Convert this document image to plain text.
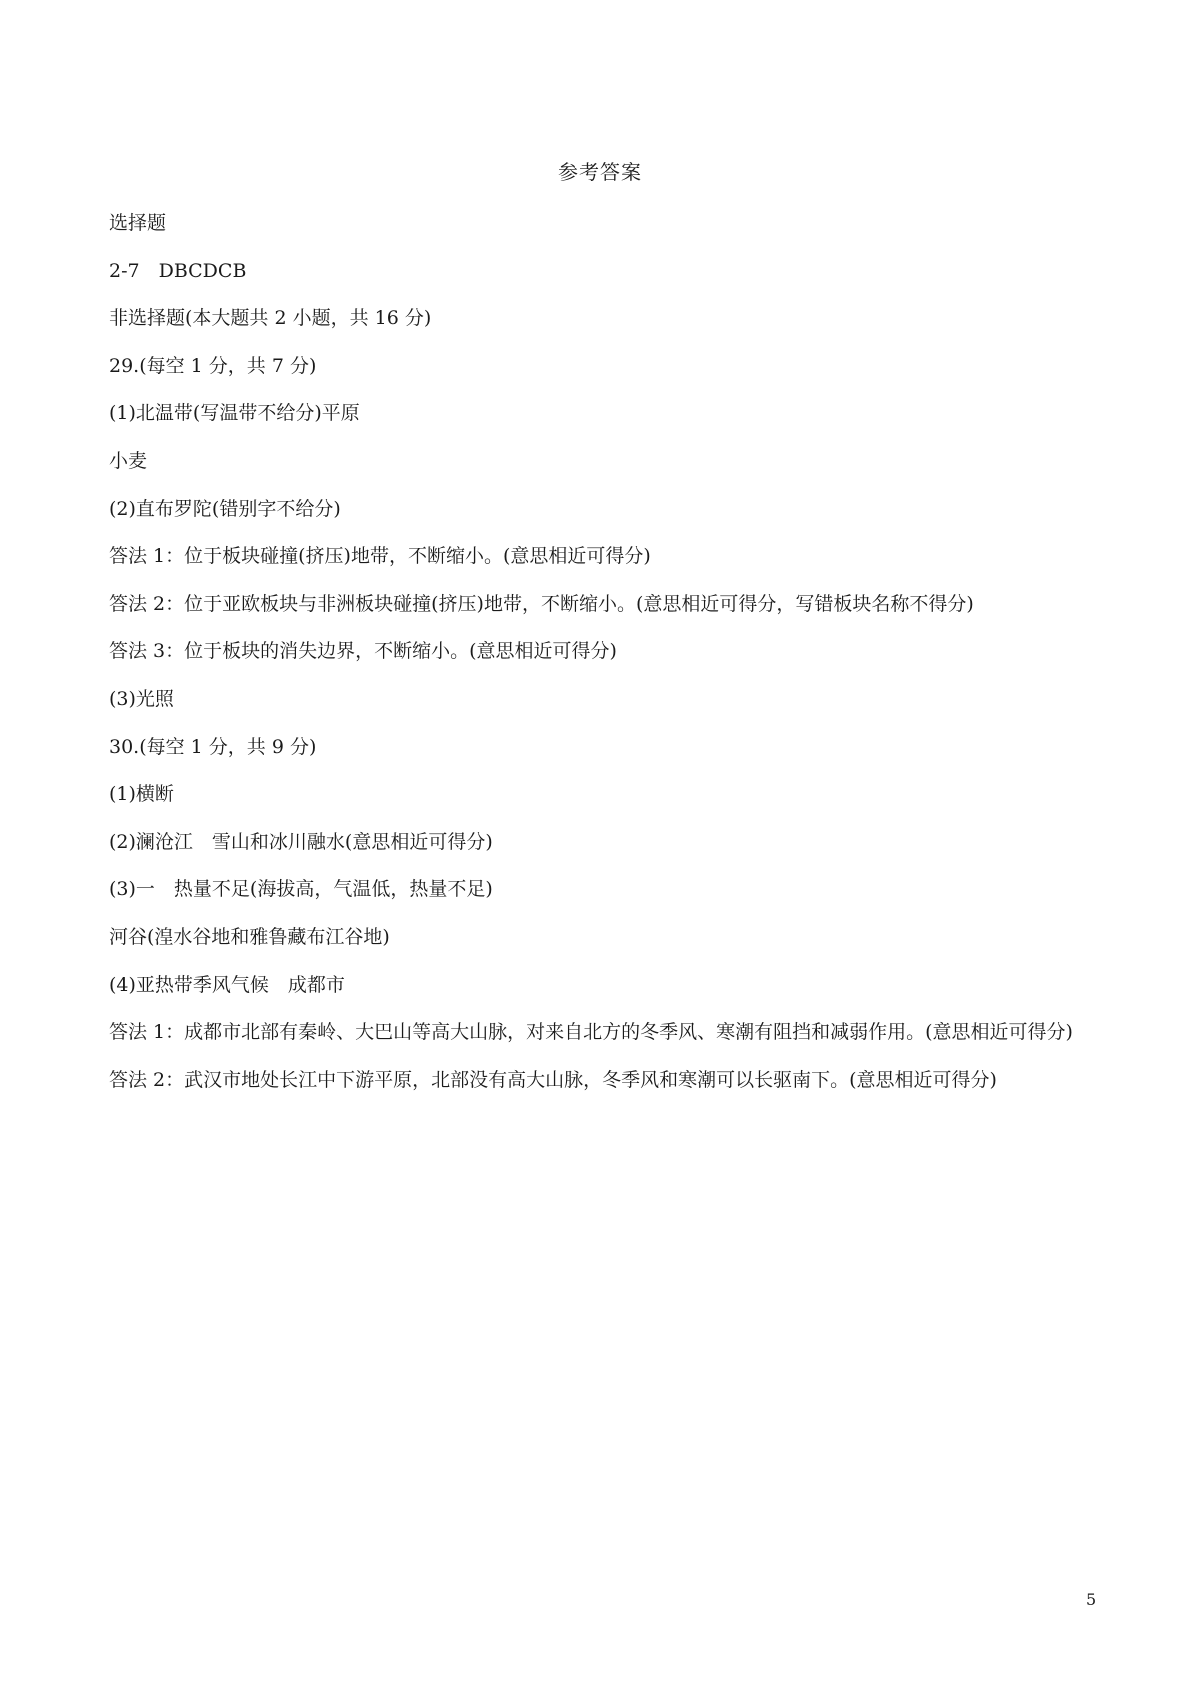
参考答案
选择题
2-7　DBCDCB
非选择题(本大题共 2 小题，共 16 分)
29.(每空 1 分，共 7 分)
(1)北温带(写温带不给分)平原
小麦
(2)直布罗陀(错别字不给分)
答法 1：位于板块碰撞(挤压)地带，不断缩小。(意思相近可得分)
答法 2：位于亚欧板块与非洲板块碰撞(挤压)地带，不断缩小。(意思相近可得分，写错板块名称不得分)
答法 3：位于板块的消失边界，不断缩小。(意思相近可得分)
(3)光照
30.(每空 1 分，共 9 分)
(1)横断
(2)澜沧江　雪山和冰川融水(意思相近可得分)
(3)一　热量不足(海拔高，气温低，热量不足)
河谷(湟水谷地和雅鲁藏布江谷地)
(4)亚热带季风气候　成都市
答法 1：成都市北部有秦岭、大巴山等高大山脉，对来自北方的冬季风、寒潮有阻挡和减弱作用。(意思相近可得分)
答法 2：武汉市地处长江中下游平原，北部没有高大山脉，冬季风和寒潮可以长驱南下。(意思相近可得分)
5
